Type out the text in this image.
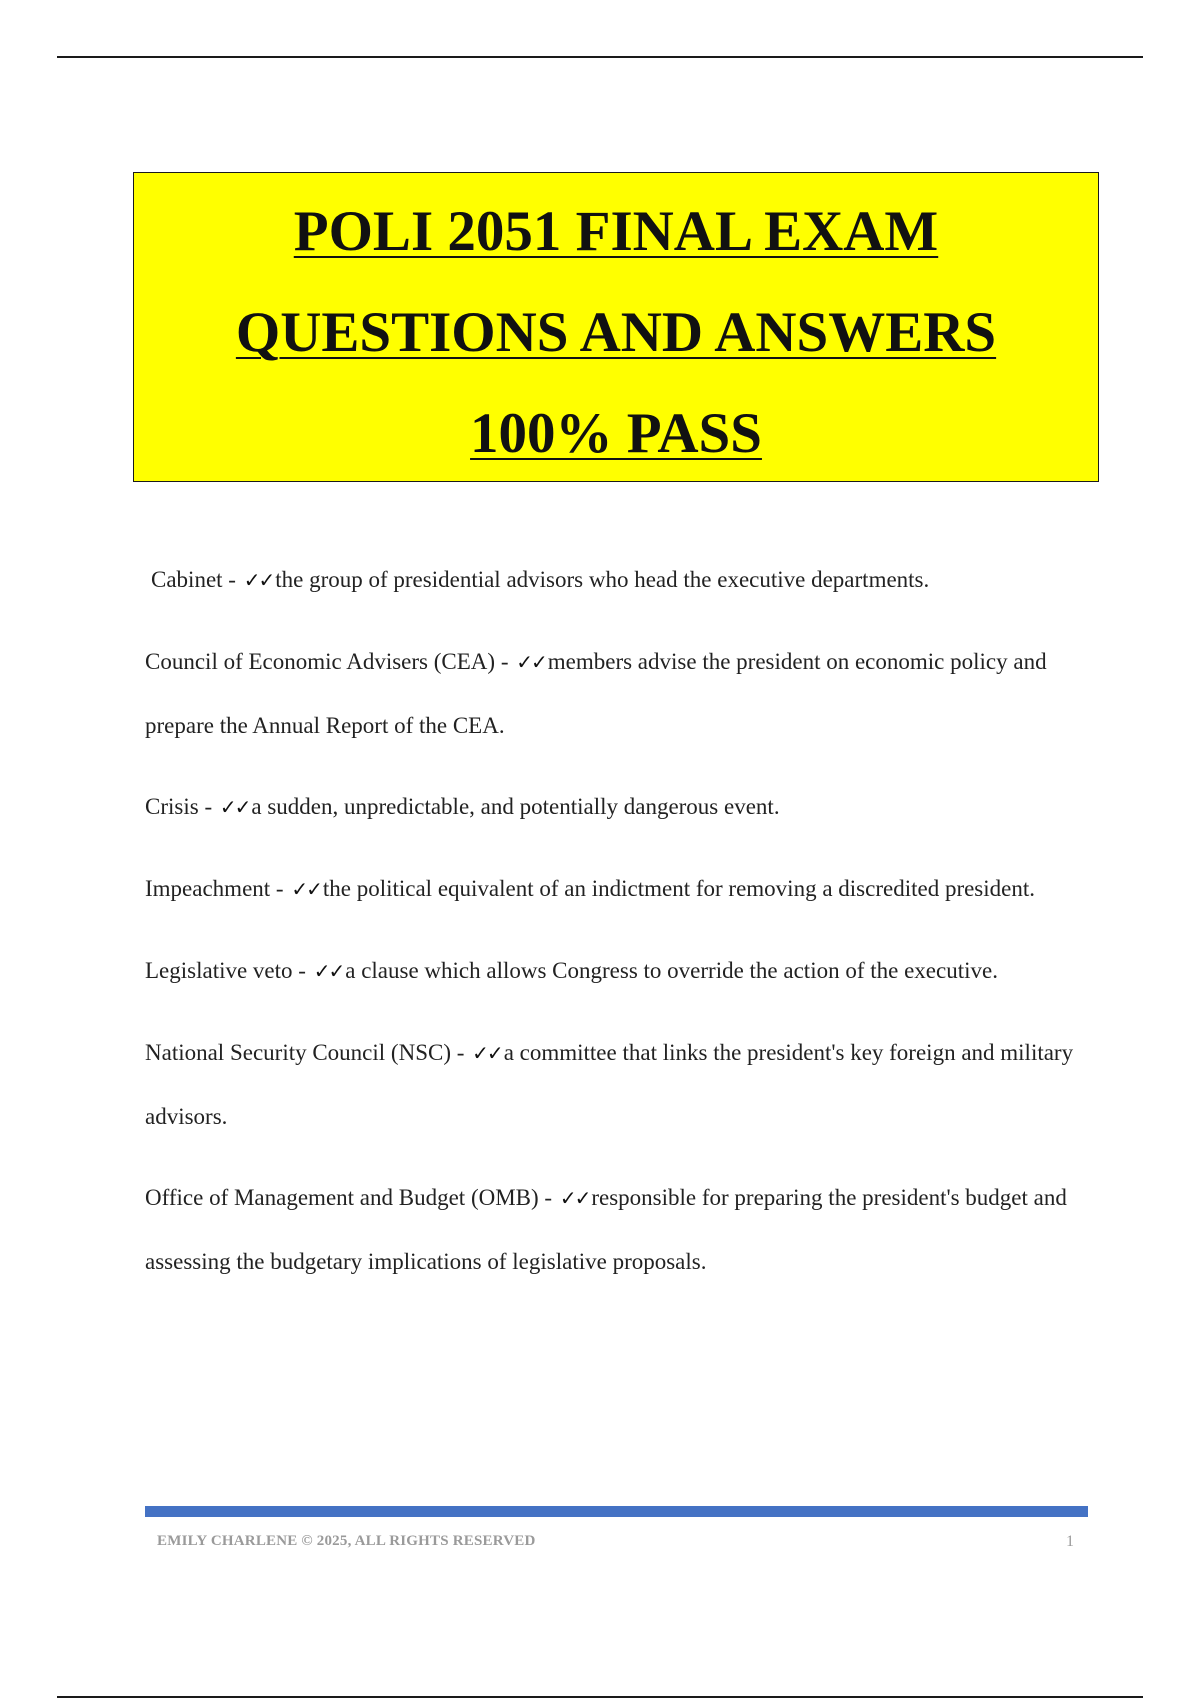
POLI 2051 FINAL EXAM
QUESTIONS AND ANSWERS
100% PASS

Cabinet - ✓✓the group of presidential advisors who head the executive departments.

Council of Economic Advisers (CEA) - ✓✓members advise the president on economic policy and prepare the Annual Report of the CEA.

Crisis - ✓✓a sudden, unpredictable, and potentially dangerous event.

Impeachment - ✓✓the political equivalent of an indictment for removing a discredited president.

Legislative veto - ✓✓a clause which allows Congress to override the action of the executive.

National Security Council (NSC) - ✓✓a committee that links the president's key foreign and military advisors.

Office of Management and Budget (OMB) - ✓✓responsible for preparing the president's budget and assessing the budgetary implications of legislative proposals.

EMILY CHARLENE © 2025, ALL RIGHTS RESERVED	1
